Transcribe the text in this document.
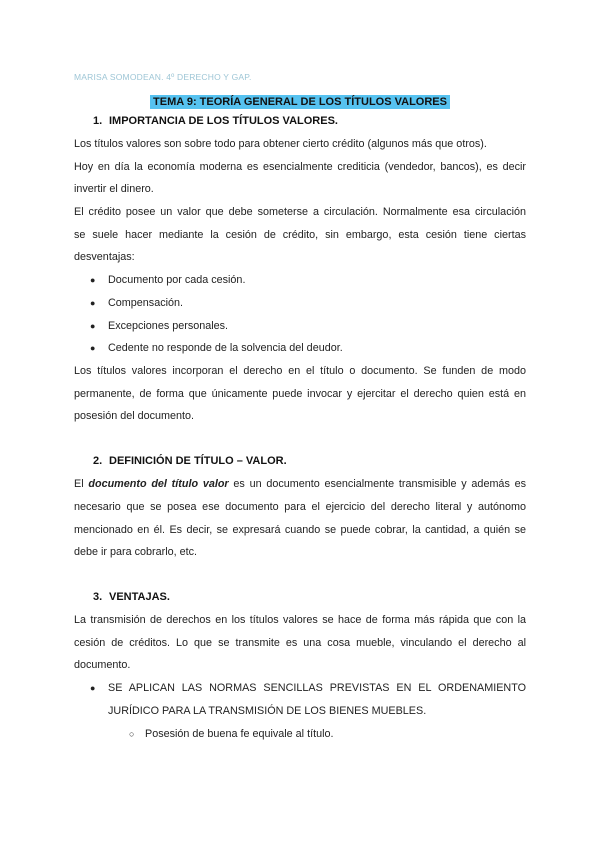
MARISA SOMODEAN. 4º DERECHO Y GAP.
TEMA 9: TEORÍA GENERAL DE LOS TÍTULOS VALORES
1. IMPORTANCIA DE LOS TÍTULOS VALORES.
Los títulos valores son sobre todo para obtener cierto crédito (algunos más que otros).
Hoy en día la economía moderna es esencialmente crediticia (vendedor, bancos), es decir
invertir el dinero.
El crédito posee un valor que debe someterse a circulación. Normalmente esa circulación
se suele hacer mediante la cesión de crédito, sin embargo, esta cesión tiene ciertas
desventajas:
● Documento por cada cesión.
● Compensación.
● Excepciones personales.
● Cedente no responde de la solvencia del deudor.
Los títulos valores incorporan el derecho en el título o documento. Se funden de modo
permanente, de forma que únicamente puede invocar y ejercitar el derecho quien está en
posesión del documento.
2. DEFINICIÓN DE TÍTULO – VALOR.
El documento del título valor es un documento esencialmente transmisible y además es
necesario que se posea ese documento para el ejercicio del derecho literal y autónomo
mencionado en él. Es decir, se expresará cuando se puede cobrar, la cantidad, a quién se
debe ir para cobrarlo, etc.
3. VENTAJAS.
La transmisión de derechos en los títulos valores se hace de forma más rápida que con la
cesión de créditos. Lo que se transmite es una cosa mueble, vinculando el derecho al
documento.
●	SE APLICAN LAS NORMAS SENCILLAS PREVISTAS EN EL ORDENAMIENTO
JURÍDICO PARA LA TRANSMISIÓN DE LOS BIENES MUEBLES.
○ Posesión de buena fe equivale al título.
